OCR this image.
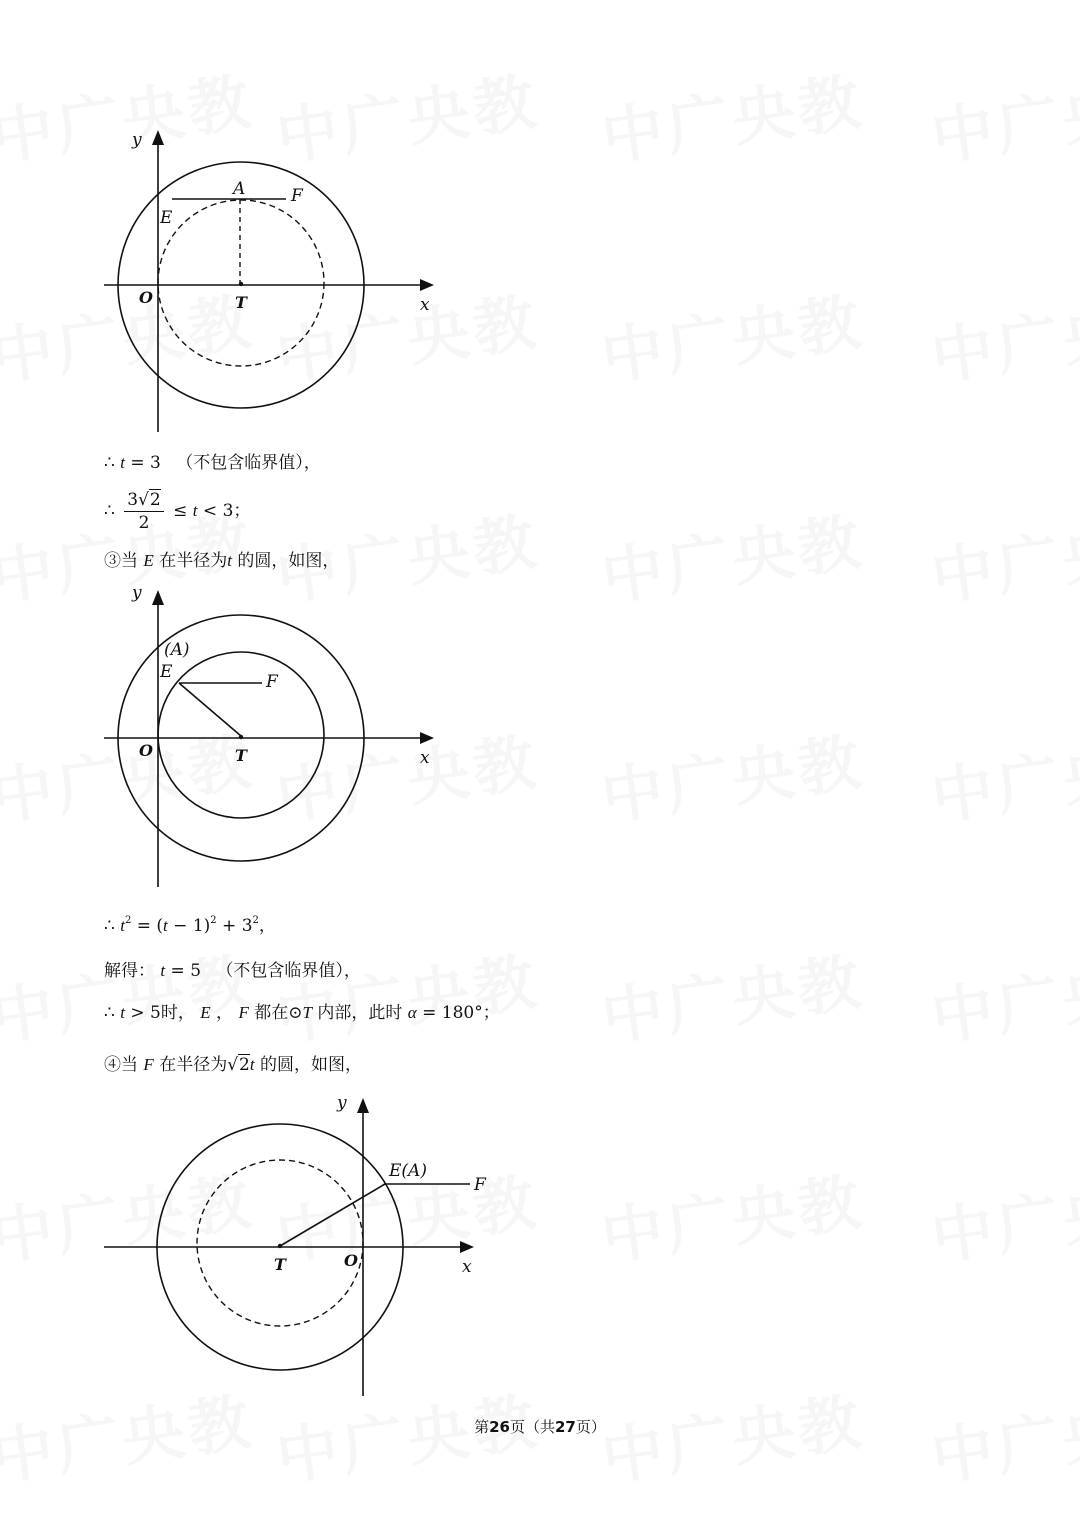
y
x
O	T
A
E
F
∴ t = 3 （不包含临界值），
∴ $\frac{3√2}{2} \le t < 3$；
③当 E 在半径为t 的圆，如图，
y
x
O	T
(A)
E	F
∴ $t^2 = (t - 1)^2 + 3^2$，
解得： t = 5 （不包含临界值），
∴ t > 5时， E ， F 都在⊙T 内部，此时 α = 180°；
④当 F 在半径为√2t 的圆，如图，
y
x
O
T
E(A)
F
第26页（共27页）
